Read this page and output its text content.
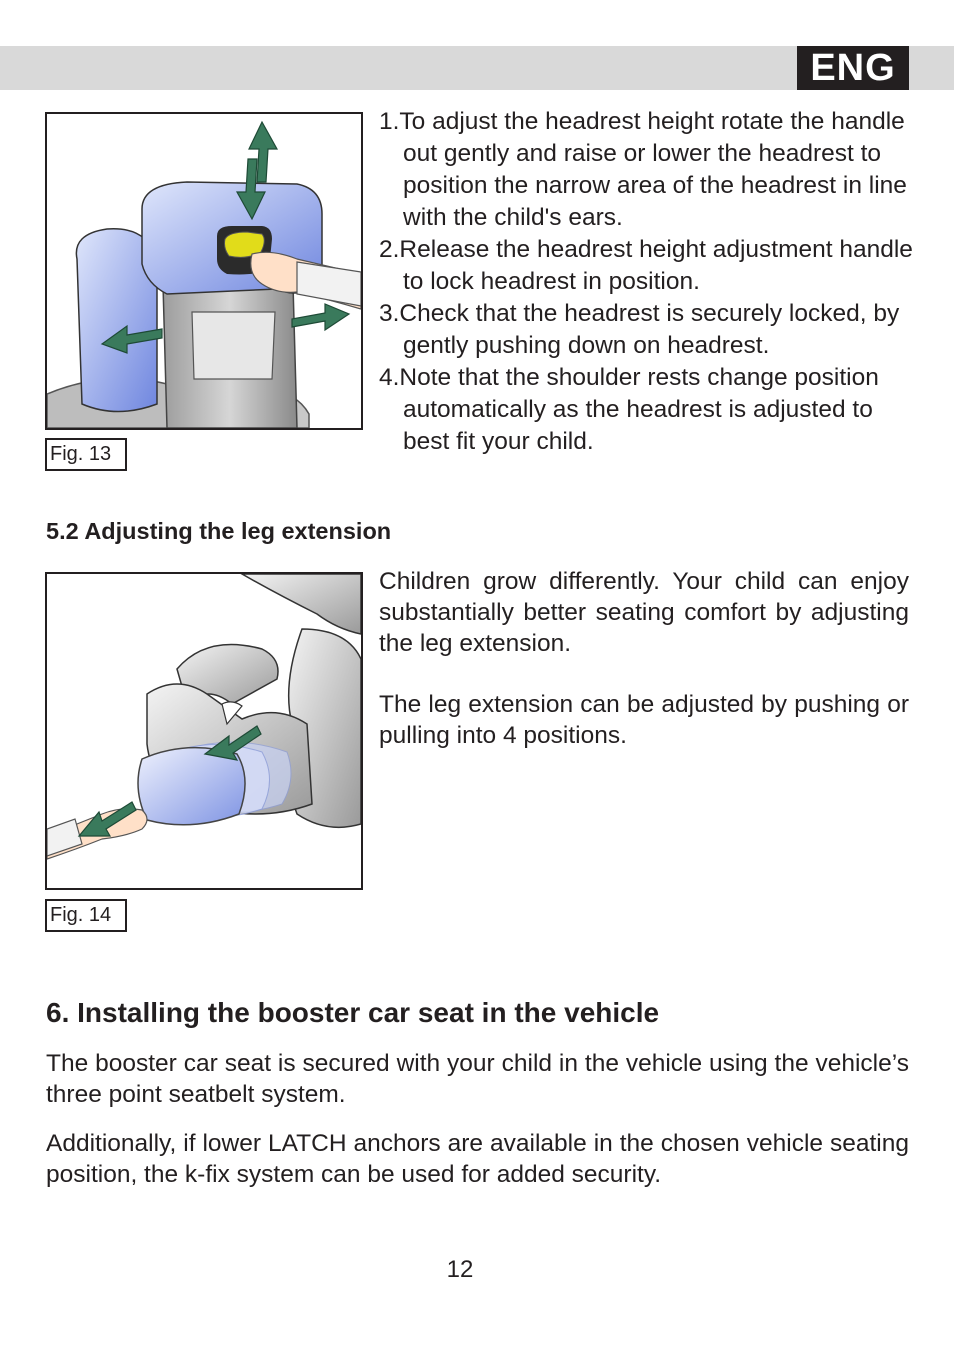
ENG
Fig. 13
1.To adjust the headrest height rotate the handle out gently and raise or lower the headrest to position the narrow area of the headrest in line with the child's ears.
2.Release the headrest height adjustment handle to lock headrest in position.
3.Check that the headrest is securely locked, by gently pushing down on headrest.
4.Note that the shoulder rests change position automatically as the headrest is adjusted to best fit your child.
5.2 Adjusting the leg extension
Fig. 14

Children grow differently. Your child can enjoy substantially better seating comfort by adjusting the leg extension.

The leg extension can be adjusted by pushing or pulling into 4 positions.

6. Installing the booster car seat in the vehicle

The booster car seat is secured with your child in the vehicle using the vehicle’s three point seatbelt system.

Additionally, if lower LATCH anchors are available in the chosen vehicle seating position, the k-fix system can be used for added security.

12
